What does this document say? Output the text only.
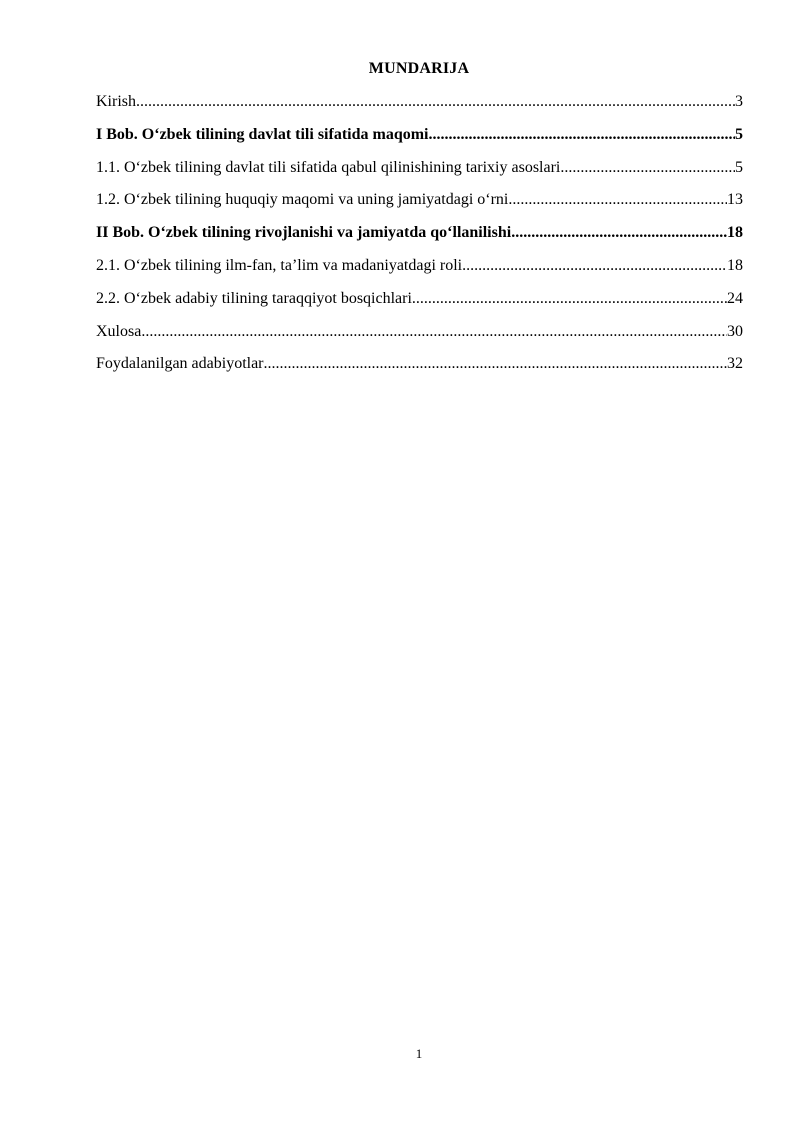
MUNDARIJA
Kirish .....	3
I Bob. O‘zbek tilining davlat tili sifatida maqomi .....	5
1.1. O‘zbek tilining davlat tili sifatida qabul qilinishining tarixiy asoslari .....	5
1.2. O‘zbek tilining huquqiy maqomi va uning jamiyatdagi o‘rni .....	13
II Bob. O‘zbek tilining rivojlanishi va jamiyatda qo‘llanilishi .....	18
2.1. O‘zbek tilining ilm-fan, ta’lim va madaniyatdagi roli .....	18
2.2. O‘zbek adabiy tilining taraqqiyot bosqichlari .....	24
Xulosa .....	30
Foydalanilgan adabiyotlar .....	32
1
